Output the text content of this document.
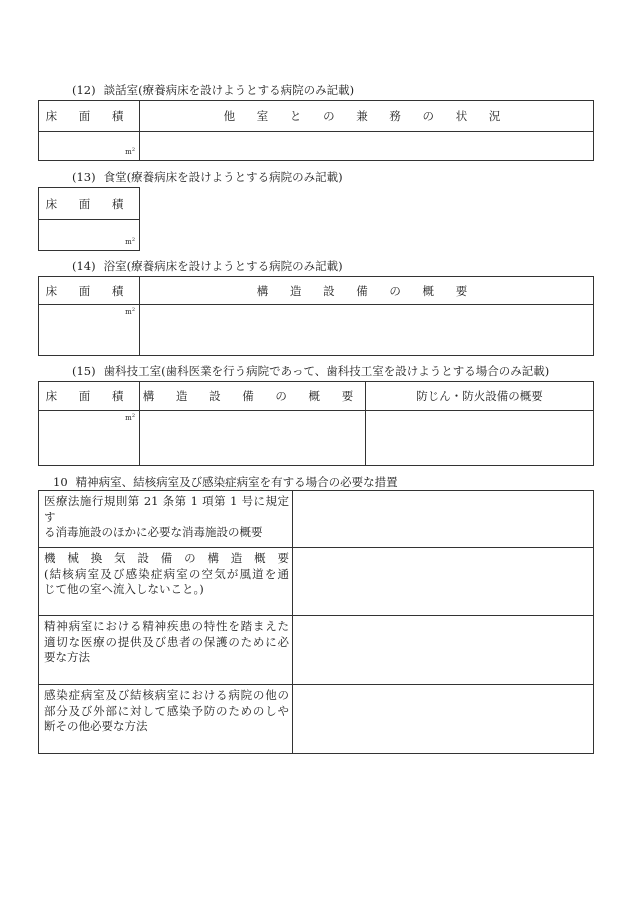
(12) 談話室(療養病床を設けようとする病院のみ記載)
床 面 積	他 室 と の 兼 務 の 状 況
$m^2$	
(13) 食堂(療養病床を設けようとする病院のみ記載)
床 面 積
$m^2$
(14) 浴室(療養病床を設けようとする病院のみ記載)
床 面 積	構 造 設 備 の 概 要
$m^2$	
(15) 歯科技工室(歯科医業を行う病院であって、歯科技工室を設けようとする場合のみ記載)
床 面 積	構 造 設 備 の 概 要	防じん・防火設備の概要
$m^2$		
10 精神病室、結核病室及び感染症病室を有する場合の必要な措置
医療法施行規則第 21 条第 1 項第 1 号に規定す
る消毒施設のほかに必要な消毒施設の概要	

機 械 換 気 設 備 の 構 造 概 要
(結核病室及び感染症病室の空気が風道を通
じて他の室へ流入しないこと。)	

精神病室における精神疾患の特性を踏まえた
適切な医療の提供及び患者の保護のために必
要な方法	

感染症病室及び結核病室における病院の他の
部分及び外部に対して感染予防のためのしや
断その他必要な方法	
